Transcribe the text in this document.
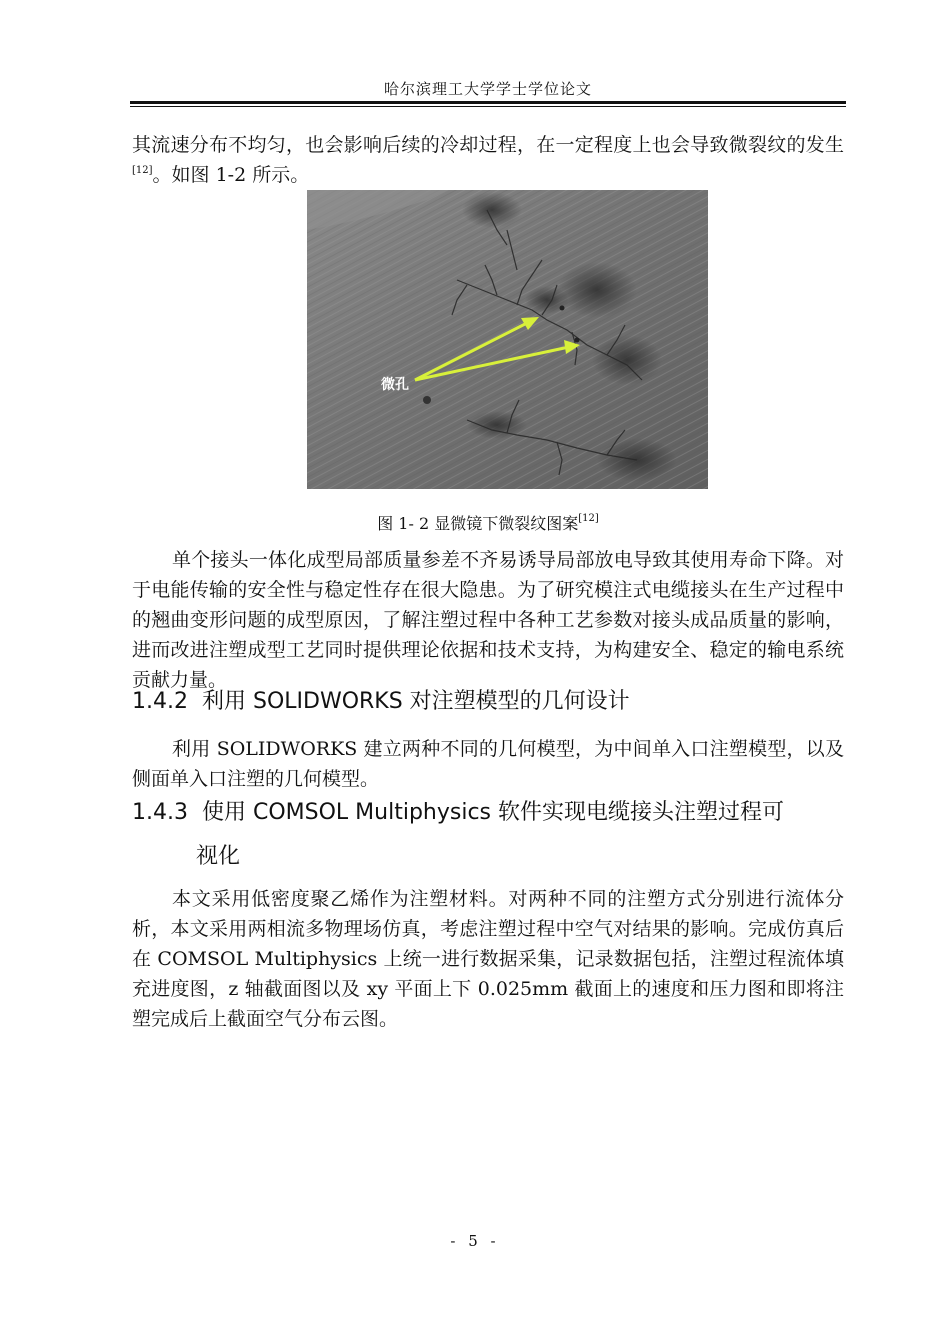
哈尔滨理工大学学士学位论文

其流速分布不均匀，也会影响后续的冷却过程，在一定程度上也会导致微裂纹的发生[12]。如图 1-2 所示。

微孔
图 1- 2 显微镜下微裂纹图案[12]

单个接头一体化成型局部质量参差不齐易诱导局部放电导致其使用寿命下降。对于电能传输的安全性与稳定性存在很大隐患。为了研究模注式电缆接头在生产过程中的翘曲变形问题的成型原因，了解注塑过程中各种工艺参数对接头成品质量的影响，进而改进注塑成型工艺同时提供理论依据和技术支持，为构建安全、稳定的输电系统贡献力量。

1.4.2 利用 SOLIDWORKS 对注塑模型的几何设计

利用 SOLIDWORKS 建立两种不同的几何模型，为中间单入口注塑模型，以及侧面单入口注塑的几何模型。

1.4.3 使用 COMSOL Multiphysics 软件实现电缆接头注塑过程可
视化

本文采用低密度聚乙烯作为注塑材料。对两种不同的注塑方式分别进行流体分析，本文采用两相流多物理场仿真，考虑注塑过程中空气对结果的影响。完成仿真后在 COMSOL Multiphysics 上统一进行数据采集，记录数据包括，注塑过程流体填充进度图，z 轴截面图以及 xy 平面上下 0.025mm 截面上的速度和压力图和即将注塑完成后上截面空气分布云图。

- 5 -
